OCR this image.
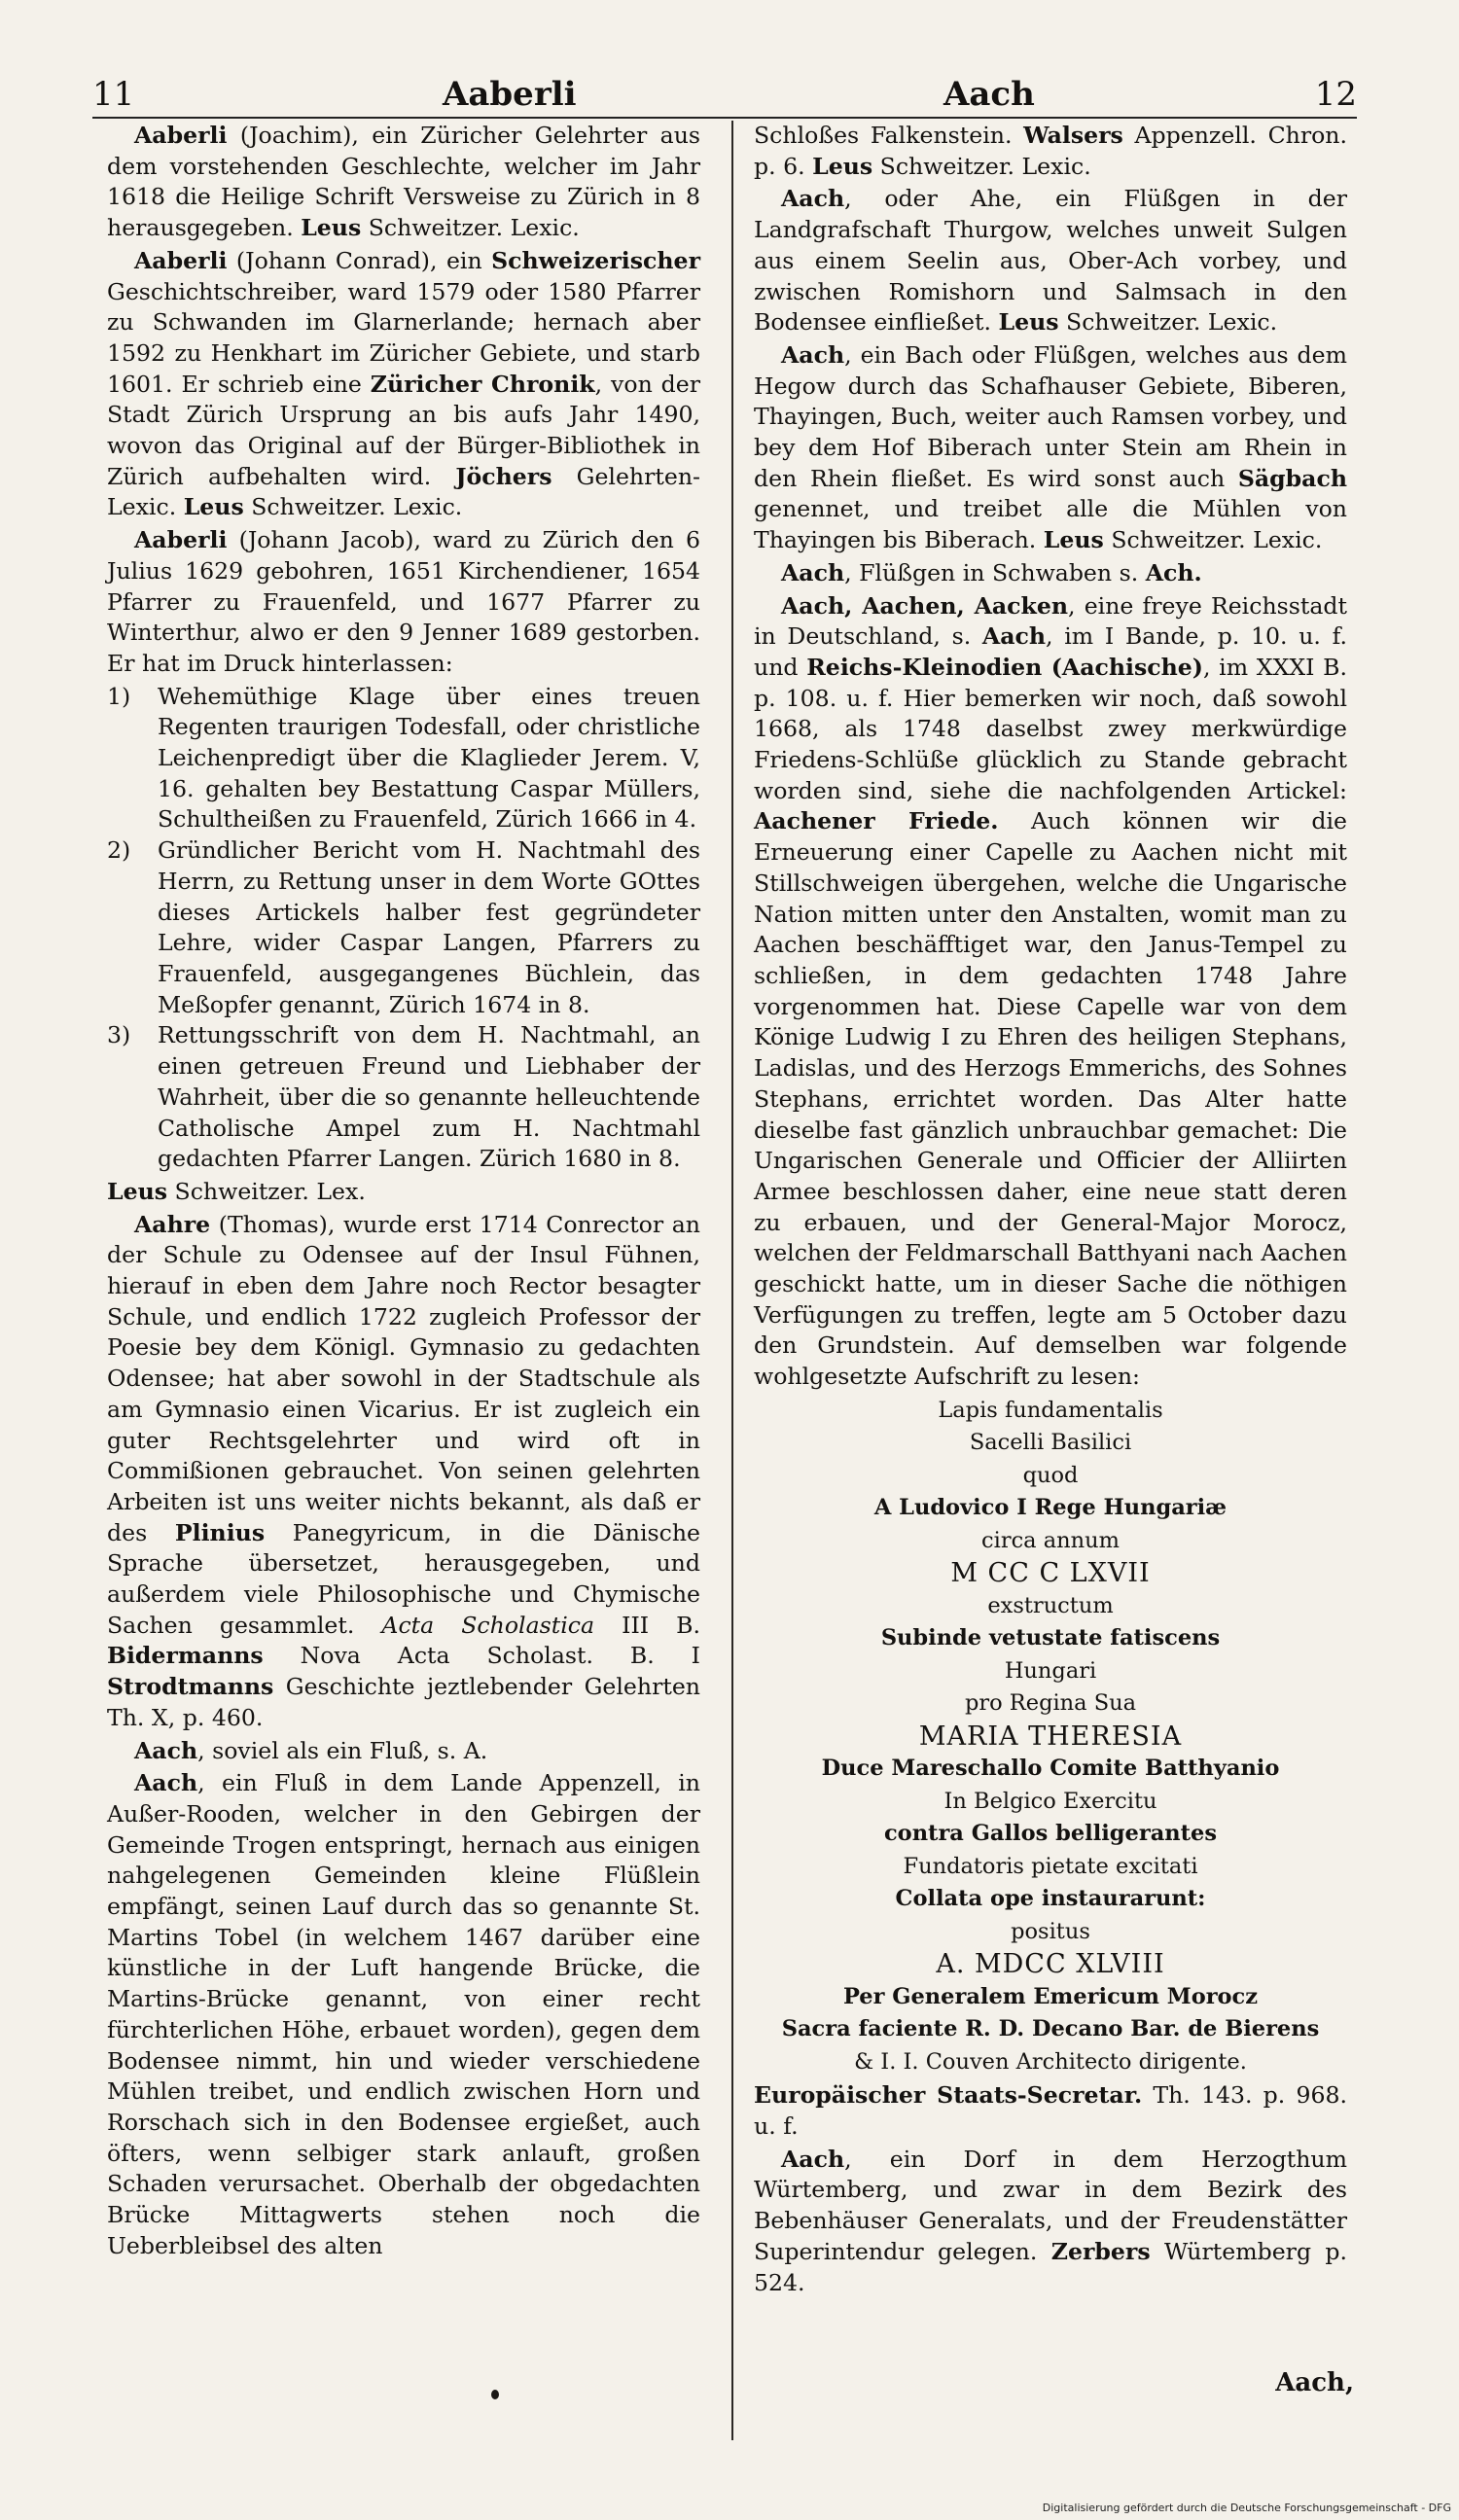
11	Aaberli	Aach	12

Aaberli (Joachim), ein Züricher Gelehrter aus dem vorstehenden Geschlechte, welcher im Jahr 1618 die Heilige Schrift Versweise zu Zürich in 8 herausgegeben. Leus Schweitzer. Lexic.

Aaberli (Johann Conrad), ein Schweizerischer Geschichtschreiber, ward 1579 oder 1580 Pfarrer zu Schwanden im Glarnerlande; hernach aber 1592 zu Henkhart im Züricher Gebiete, und starb 1601. Er schrieb eine Züricher Chronik, von der Stadt Zürich Ursprung an bis aufs Jahr 1490, wovon das Original auf der Bürger-Bibliothek in Zürich aufbehalten wird. Jöchers Gelehrten-Lexic. Leus Schweitzer. Lexic.

Aaberli (Johann Jacob), ward zu Zürich den 6 Julius 1629 gebohren, 1651 Kirchendiener, 1654 Pfarrer zu Frauenfeld, und 1677 Pfarrer zu Winterthur, alwo er den 9 Jenner 1689 gestorben. Er hat im Druck hinterlassen:

1) Wehemüthige Klage über eines treuen Regenten traurigen Todesfall, oder christliche Leichenpredigt über die Klaglieder Jerem. V, 16. gehalten bey Bestattung Caspar Müllers, Schultheißen zu Frauenfeld, Zürich 1666 in 4.
2) Gründlicher Bericht vom H. Nachtmahl des Herrn, zu Rettung unser in dem Worte GOttes dieses Artickels halber fest gegründeter Lehre, wider Caspar Langen, Pfarrers zu Frauenfeld, ausgegangenes Büchlein, das Meßopfer genannt, Zürich 1674 in 8.
3) Rettungsschrift von dem H. Nachtmahl, an einen getreuen Freund und Liebhaber der Wahrheit, über die so genannte helleuchtende Catholische Ampel zum H. Nachtmahl gedachten Pfarrer Langen. Zürich 1680 in 8.

Leus Schweitzer. Lex.

Aahre (Thomas), wurde erst 1714 Conrector an der Schule zu Odensee auf der Insul Fühnen, hierauf in eben dem Jahre noch Rector besagter Schule, und endlich 1722 zugleich Professor der Poesie bey dem Königl. Gymnasio zu gedachten Odensee; hat aber sowohl in der Stadtschule als am Gymnasio einen Vicarius. Er ist zugleich ein guter Rechtsgelehrter und wird oft in Commißionen gebrauchet. Von seinen gelehrten Arbeiten ist uns weiter nichts bekannt, als daß er des Plinius Panegyricum, in die Dänische Sprache übersetzet, herausgegeben, und außerdem viele Philosophische und Chymische Sachen gesammlet. Acta Scholastica III B. Bidermanns Nova Acta Scholast. B. I Strodtmanns Geschichte jeztlebender Gelehrten Th. X, p. 460.

Aach, soviel als ein Fluß, s. A.

Aach, ein Fluß in dem Lande Appenzell, in Außer-Rooden, welcher in den Gebirgen der Gemeinde Trogen entspringt, hernach aus einigen nahgelegenen Gemeinden kleine Flüßlein empfängt, seinen Lauf durch das so genannte St. Martins Tobel (in welchem 1467 darüber eine künstliche in der Luft hangende Brücke, die Martins-Brücke genannt, von einer recht fürchterlichen Höhe, erbauet worden), gegen dem Bodensee nimmt, hin und wieder verschiedene Mühlen treibet, und endlich zwischen Horn und Rorschach sich in den Bodensee ergießet, auch öfters, wenn selbiger stark anlauft, großen Schaden verursachet. Oberhalb der obgedachten Brücke Mittagwerts stehen noch die Ueberbleibsel des alten

Schloßes Falkenstein. Walsers Appenzell. Chron. p. 6. Leus Schweitzer. Lexic.

Aach, oder Ahe, ein Flüßgen in der Landgrafschaft Thurgow, welches unweit Sulgen aus einem Seelin aus, Ober-Ach vorbey, und zwischen Romishorn und Salmsach in den Bodensee einfließet. Leus Schweitzer. Lexic.

Aach, ein Bach oder Flüßgen, welches aus dem Hegow durch das Schafhauser Gebiete, Biberen, Thayingen, Buch, weiter auch Ramsen vorbey, und bey dem Hof Biberach unter Stein am Rhein in den Rhein fließet. Es wird sonst auch Sägbach genennet, und treibet alle die Mühlen von Thayingen bis Biberach. Leus Schweitzer. Lexic.

Aach, Flüßgen in Schwaben s. Ach.

Aach, Aachen, Aacken, eine freye Reichsstadt in Deutschland, s. Aach, im I Bande, p. 10. u. f. und Reichs-Kleinodien (Aachische), im XXXI B. p. 108. u. f. Hier bemerken wir noch, daß sowohl 1668, als 1748 daselbst zwey merkwürdige Friedens-Schlüße glücklich zu Stande gebracht worden sind, siehe die nachfolgenden Artickel: Aachener Friede. Auch können wir die Erneuerung einer Capelle zu Aachen nicht mit Stillschweigen übergehen, welche die Ungarische Nation mitten unter den Anstalten, womit man zu Aachen beschäfftiget war, den Janus-Tempel zu schließen, in dem gedachten 1748 Jahre vorgenommen hat. Diese Capelle war von dem Könige Ludwig I zu Ehren des heiligen Stephans, Ladislas, und des Herzogs Emmerichs, des Sohnes Stephans, errichtet worden. Das Alter hatte dieselbe fast gänzlich unbrauchbar gemachet: Die Ungarischen Generale und Officier der Alliirten Armee beschlossen daher, eine neue statt deren zu erbauen, und der General-Major Morocz, welchen der Feldmarschall Batthyani nach Aachen geschickt hatte, um in dieser Sache die nöthigen Verfügungen zu treffen, legte am 5 October dazu den Grundstein. Auf demselben war folgende wohlgesetzte Aufschrift zu lesen:

Lapis fundamentalis
Sacelli Basilici
quod
A Ludovico I Rege Hungariæ
circa annum
M CC C LXVII
exstructum
Subinde vetustate fatiscens
Hungari
pro Regina Sua
MARIA THERESIA
Duce Mareschallo Comite Batthyanio
In Belgico Exercitu
contra Gallos belligerantes
Fundatoris pietate excitati
Collata ope instaurarunt:
positus
A. MDCC XLVIII
Per Generalem Emericum Morocz
Sacra faciente R. D. Decano Bar. de Bierens
& I. I. Couven Architecto dirigente.

Europäischer Staats-Secretar. Th. 143. p. 968. u. f.

Aach, ein Dorf in dem Herzogthum Würtemberg, und zwar in dem Bezirk des Bebenhäuser Generalats, und der Freudenstätter Superintendur gelegen. Zerbers Würtemberg p. 524.

Aach,
Digitalisierung gefördert durch die Deutsche Forschungsgemeinschaft - DFG
